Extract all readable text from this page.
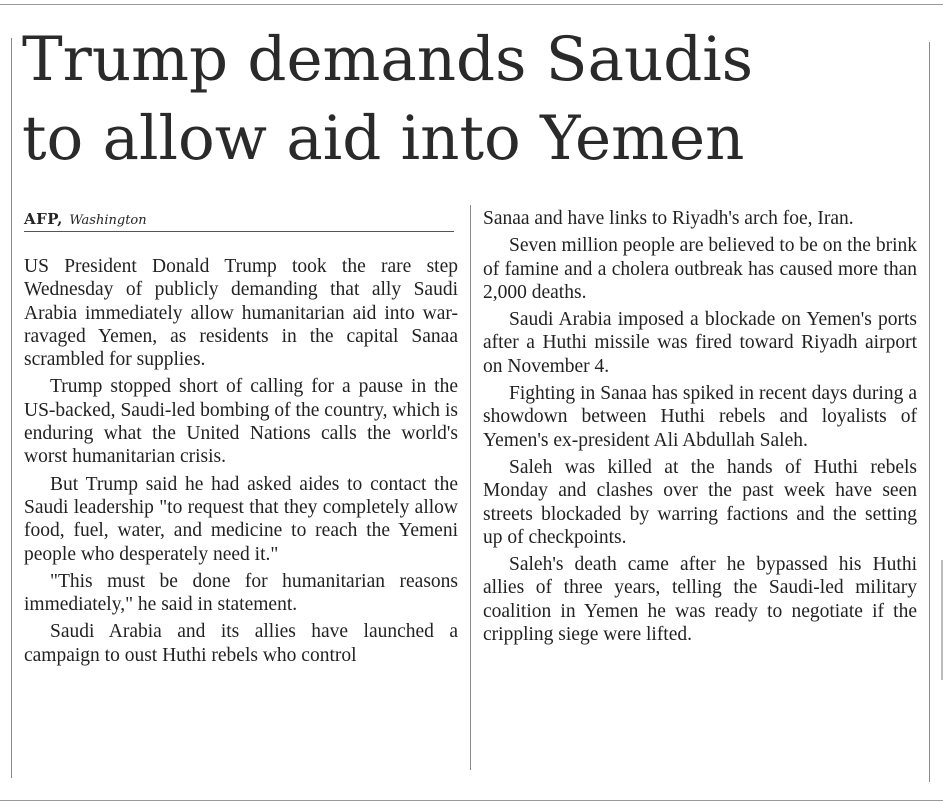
Trump demands Saudis
to allow aid into Yemen
AFP, Washington

US President Donald Trump took the rare step Wednesday of publicly demanding that ally Saudi Arabia immediately allow humanitarian aid into war-ravaged Yemen, as residents in the capital Sanaa scrambled for supplies.

Trump stopped short of calling for a pause in the US-backed, Saudi-led bombing of the country, which is enduring what the United Nations calls the world's worst humanitarian crisis.

But Trump said he had asked aides to contact the Saudi leadership "to request that they completely allow food, fuel, water, and medicine to reach the Yemeni people who desperately need it."

"This must be done for humanitarian reasons immediately," he said in statement.

Saudi Arabia and its allies have launched a campaign to oust Huthi rebels who control

Sanaa and have links to Riyadh's arch foe, Iran.

Seven million people are believed to be on the brink of famine and a cholera outbreak has caused more than 2,000 deaths.

Saudi Arabia imposed a blockade on Yemen's ports after a Huthi missile was fired toward Riyadh airport on November 4.

Fighting in Sanaa has spiked in recent days during a showdown between Huthi rebels and loyalists of Yemen's ex-president Ali Abdullah Saleh.

Saleh was killed at the hands of Huthi rebels Monday and clashes over the past week have seen streets blockaded by warring factions and the setting up of checkpoints.

Saleh's death came after he bypassed his Huthi allies of three years, telling the Saudi-led military coalition in Yemen he was ready to negotiate if the crippling siege were lifted.
